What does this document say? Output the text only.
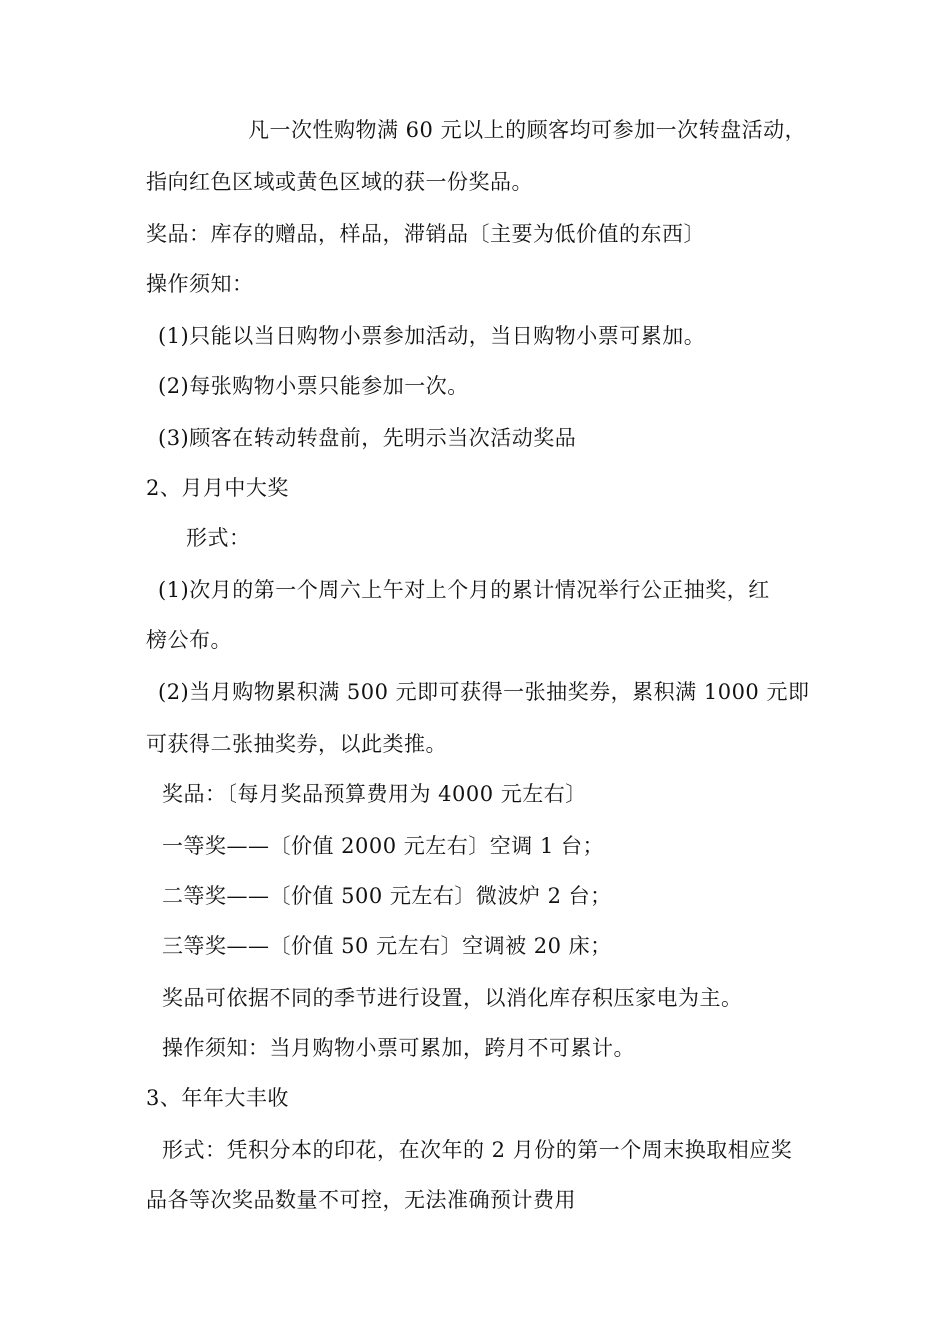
凡一次性购物满 60 元以上的顾客均可参加一次转盘活动，
指向红色区域或黄色区域的获一份奖品。
奖品：库存的赠品，样品，滞销品〔主要为低价值的东西〕
操作须知：
(1)只能以当日购物小票参加活动，当日购物小票可累加。
(2)每张购物小票只能参加一次。
(3)顾客在转动转盘前，先明示当次活动奖品
2、月月中大奖
形式：
(1)次月的第一个周六上午对上个月的累计情况举行公正抽奖，红
榜公布。
(2)当月购物累积满 500 元即可获得一张抽奖券，累积满 1000 元即
可获得二张抽奖券，以此类推。
奖品：〔每月奖品预算费用为 4000 元左右〕
一等奖——〔价值 2000 元左右〕空调 1 台；
二等奖——〔价值 500 元左右〕微波炉 2 台；
三等奖——〔价值 50 元左右〕空调被 20 床；
奖品可依据不同的季节进行设置，以消化库存积压家电为主。
操作须知：当月购物小票可累加，跨月不可累计。
3、年年大丰收
形式：凭积分本的印花，在次年的 2 月份的第一个周末换取相应奖
品各等次奖品数量不可控，无法准确预计费用
